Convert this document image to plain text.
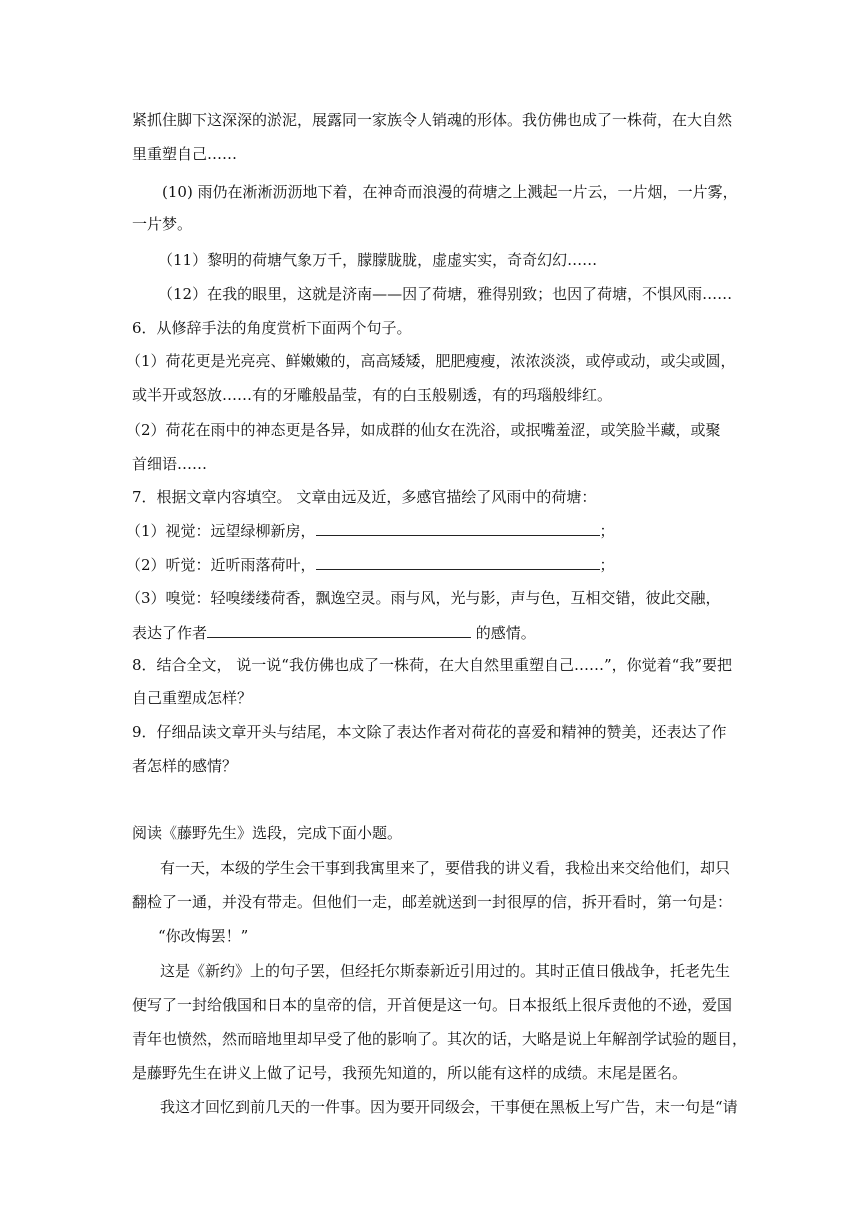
紧抓住脚下这深深的淤泥，展露同一家族令人销魂的形体。我仿佛也成了一株荷，在大自然
里重塑自己……
(10) 雨仍在淅淅沥沥地下着，在神奇而浪漫的荷塘之上溅起一片云，一片烟，一片雾，
一片梦。
（11）黎明的荷塘气象万千，朦朦胧胧，虚虚实实，奇奇幻幻……
（12）在我的眼里，这就是济南——因了荷塘，雅得别致；也因了荷塘，不惧风雨……
6．从修辞手法的角度赏析下面两个句子。
（1）荷花更是光亮亮、鲜嫩嫩的，高高矮矮，肥肥瘦瘦，浓浓淡淡，或停或动，或尖或圆，
或半开或怒放……有的牙雕般晶莹，有的白玉般剔透，有的玛瑙般绯红。
（2）荷花在雨中的神态更是各异，如成群的仙女在洗浴，或抿嘴羞涩，或笑脸半藏，或聚
首细语……
7．根据文章内容填空。 文章由远及近，多感官描绘了风雨中的荷塘：
（1）视觉：远望绿柳新房，	；
（2）听觉：近听雨落荷叶，	；
（3）嗅觉：轻嗅缕缕荷香，飘逸空灵。雨与风，光与影，声与色，互相交错，彼此交融，
表达了作者	的感情。
8．结合全文， 说一说“我仿佛也成了一株荷，在大自然里重塑自己……”，你觉着“我”要把
自己重塑成怎样？
9．仔细品读文章开头与结尾，本文除了表达作者对荷花的喜爱和精神的赞美，还表达了作
者怎样的感情？
阅读《藤野先生》选段，完成下面小题。
有一天，本级的学生会干事到我寓里来了，要借我的讲义看，我检出来交给他们，却只
翻检了一通，并没有带走。但他们一走，邮差就送到一封很厚的信，拆开看时，第一句是：
“你改悔罢！”
这是《新约》上的句子罢，但经托尔斯泰新近引用过的。其时正值日俄战争，托老先生
便写了一封给俄国和日本的皇帝的信，开首便是这一句。日本报纸上很斥责他的不逊，爱国
青年也愤然，然而暗地里却早受了他的影响了。其次的话，大略是说上年解剖学试验的题目，
是藤野先生在讲义上做了记号，我预先知道的，所以能有这样的成绩。末尾是匿名。
我这才回忆到前几天的一件事。因为要开同级会，干事便在黑板上写广告，末一句是“请
